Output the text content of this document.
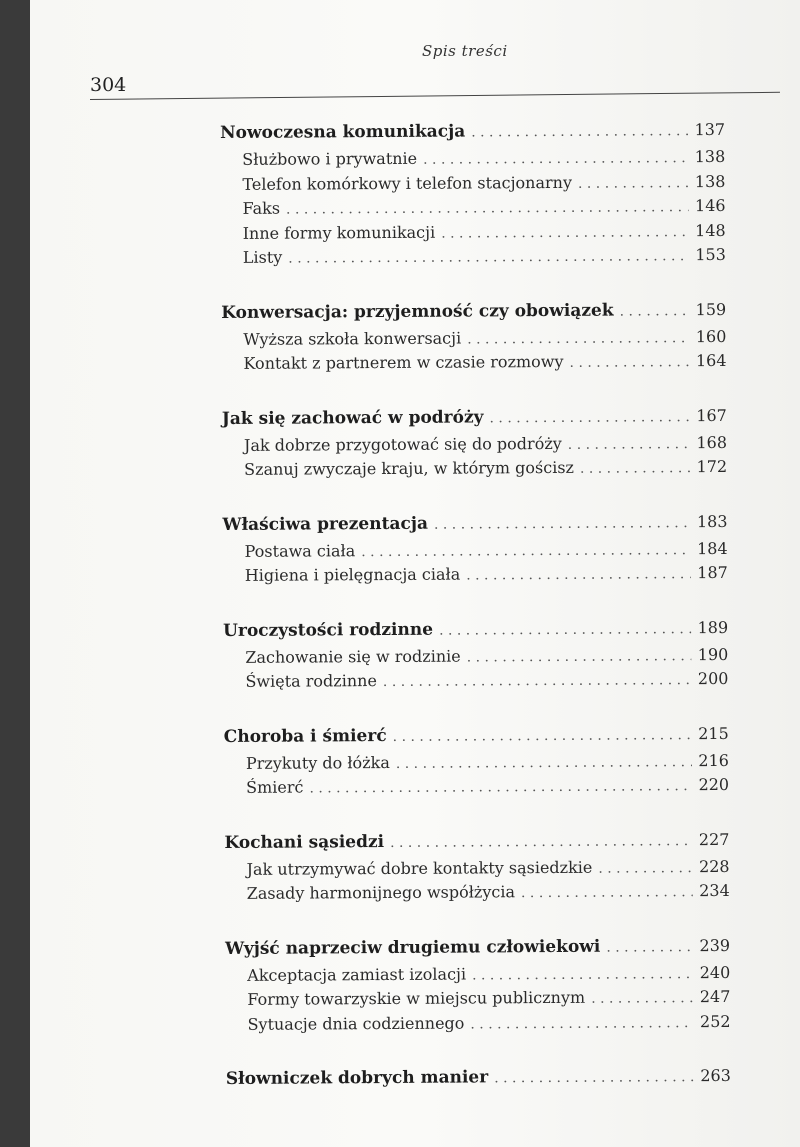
Spis treści
304
Nowoczesna komunikacja . . .	137
Służbowo i prywatnie . . .	138
Telefon komórkowy i telefon stacjonarny . . .	138
Faks . . .	146
Inne formy komunikacji . . .	148
Listy . . .	153
Konwersacja: przyjemność czy obowiązek . . .	159
Wyższa szkoła konwersacji . . .	160
Kontakt z partnerem w czasie rozmowy . . .	164
Jak się zachować w podróży . . .	167
Jak dobrze przygotować się do podróży . . .	168
Szanuj zwyczaje kraju, w którym gościsz . . .	172
Właściwa prezentacja . . .	183
Postawa ciała . . .	184
Higiena i pielęgnacja ciała . . .	187
Uroczystości rodzinne . . .	189
Zachowanie się w rodzinie . . .	190
Święta rodzinne . . .	200
Choroba i śmierć . . .	215
Przykuty do łóżka . . .	216
Śmierć . . .	220
Kochani sąsiedzi . . .	227
Jak utrzymywać dobre kontakty sąsiedzkie . . .	228
Zasady harmonijnego współżycia . . .	234
Wyjść naprzeciw drugiemu człowiekowi . . .	239
Akceptacja zamiast izolacji . . .	240
Formy towarzyskie w miejscu publicznym . . .	247
Sytuacje dnia codziennego . . .	252
Słowniczek dobrych manier . . .	263
